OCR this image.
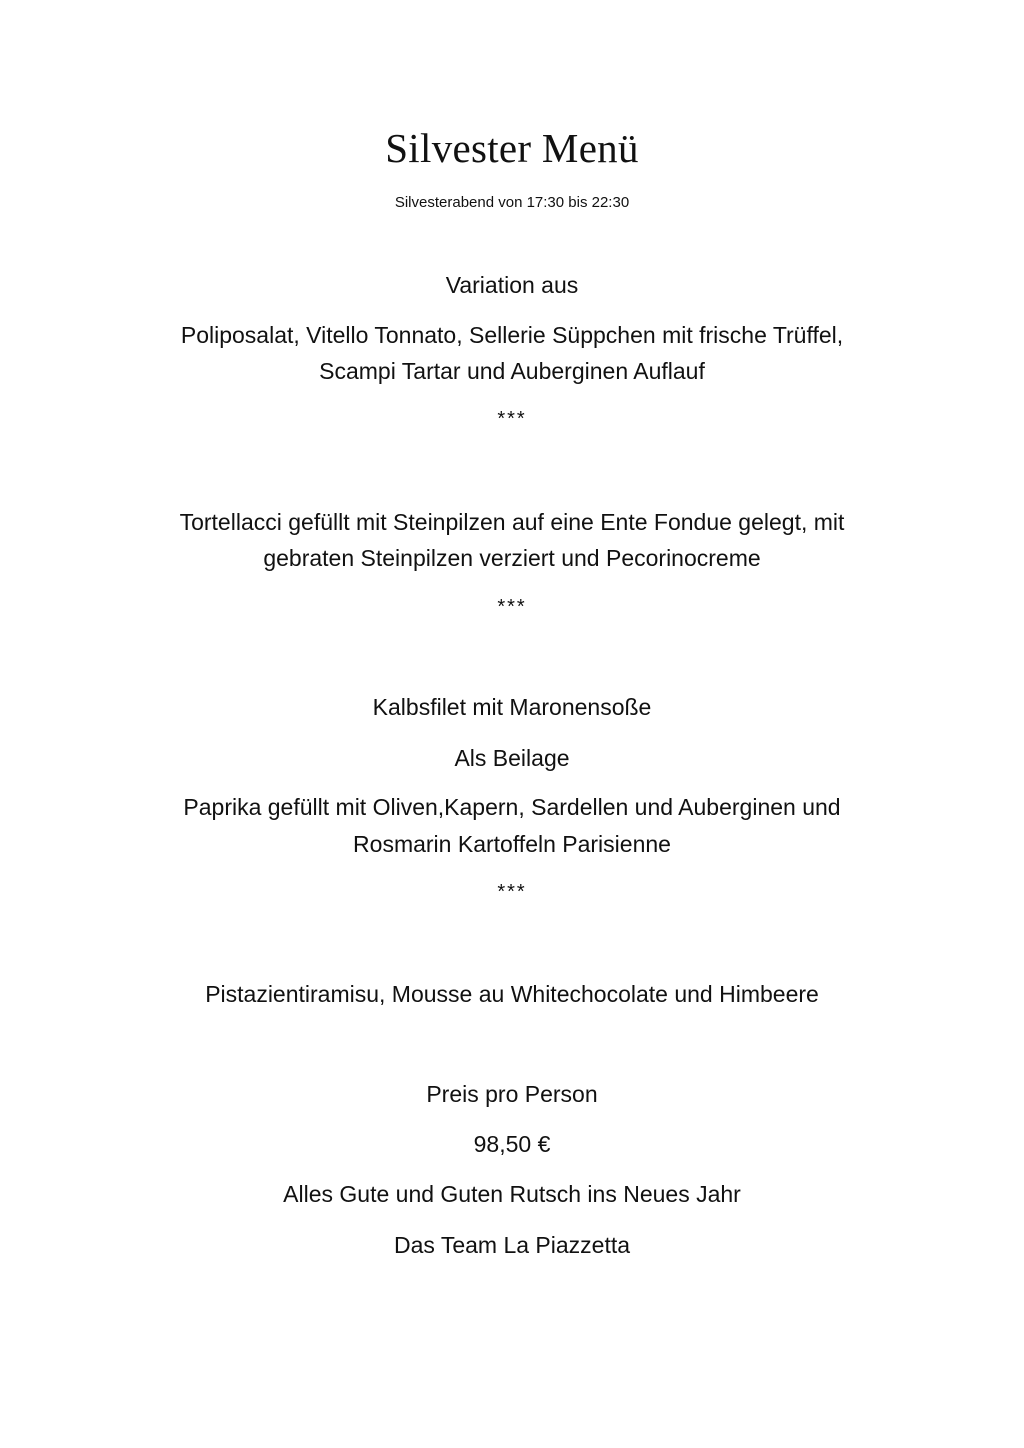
Silvester Menü
Silvesterabend von 17:30 bis 22:30
Variation aus
Poliposalat, Vitello Tonnato, Sellerie Süppchen mit frische Trüffel,
Scampi Tartar und Auberginen Auflauf
***
Tortellacci gefüllt mit Steinpilzen auf eine Ente Fondue gelegt, mit
gebraten Steinpilzen verziert und Pecorinocreme
***
Kalbsfilet mit Maronensoße
Als Beilage
Paprika gefüllt mit Oliven,Kapern, Sardellen und Auberginen und
Rosmarin Kartoffeln Parisienne
***
Pistazientiramisu, Mousse au Whitechocolate und Himbeere
Preis pro Person
98,50 €
Alles Gute und Guten Rutsch ins Neues Jahr
Das Team La Piazzetta
